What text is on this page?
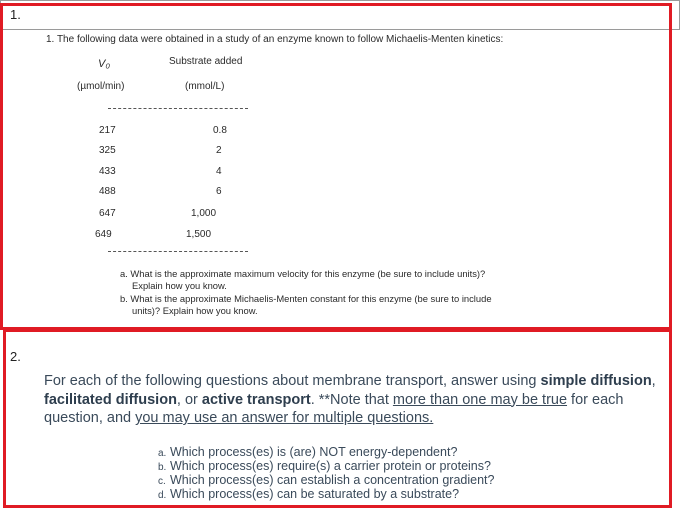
1.
1. The following data were obtained in a study of an enzyme known to follow Michaelis-Menten kinetics:
V₀	Substrate added
(µmol/min)	(mmol/L)
217	0.8
325	2
433	4
488	6
647	1,000
649	1,500
a. What is the approximate maximum velocity for this enzyme (be sure to include units)?
Explain how you know.
b. What is the approximate Michaelis-Menten constant for this enzyme (be sure to include
units)? Explain how you know.
2.
For each of the following questions about membrane transport, answer using simple diffusion, facilitated diffusion, or active transport. **Note that more than one may be true for each question, and you may use an answer for multiple questions.
a. Which process(es) is (are) NOT energy-dependent?
b. Which process(es) require(s) a carrier protein or proteins?
c. Which process(es) can establish a concentration gradient?
d. Which process(es) can be saturated by a substrate?
